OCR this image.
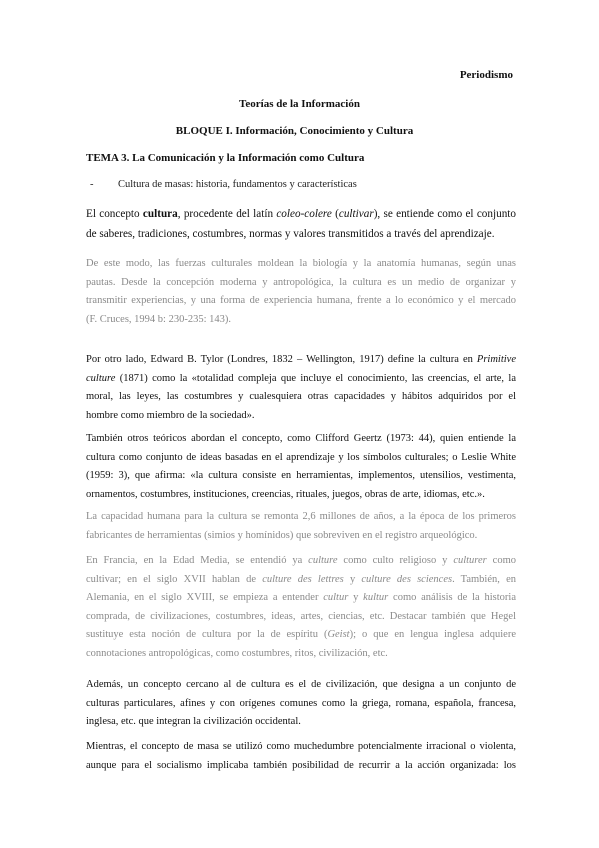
Periodismo
Teorías de la Información
BLOQUE I. Información, Conocimiento y Cultura
TEMA 3. La Comunicación y la Información como Cultura
- Cultura de masas: historia, fundamentos y características
El concepto cultura, procedente del latín coleo-colere (cultivar), se entiende como el conjunto
de saberes, tradiciones, costumbres, normas y valores transmitidos a través del aprendizaje.
De este modo, las fuerzas culturales moldean la biología y la anatomía humanas, según unas
pautas. Desde la concepción moderna y antropológica, la cultura es un medio de organizar y
transmitir experiencias, y una forma de experiencia humana, frente a lo económico y el mercado
(F. Cruces, 1994 b: 230-235: 143).
Por otro lado, Edward B. Tylor (Londres, 1832 – Wellington, 1917) define la cultura en Primitive
culture (1871) como la «totalidad compleja que incluye el conocimiento, las creencias, el arte, la
moral, las leyes, las costumbres y cualesquiera otras capacidades y hábitos adquiridos por el
hombre como miembro de la sociedad».
También otros teóricos abordan el concepto, como Clifford Geertz (1973: 44), quien entiende la
cultura como conjunto de ideas basadas en el aprendizaje y los símbolos culturales; o Leslie White
(1959: 3), que afirma: «la cultura consiste en herramientas, implementos, utensilios, vestimenta,
ornamentos, costumbres, instituciones, creencias, rituales, juegos, obras de arte, idiomas, etc.».
La capacidad humana para la cultura se remonta 2,6 millones de años, a la época de los primeros
fabricantes de herramientas (simios y homínidos) que sobreviven en el registro arqueológico.
En Francia, en la Edad Media, se entendió ya culture como culto religioso y culturer como
cultivar; en el siglo XVII hablan de culture des lettres y culture des sciences. También, en
Alemania, en el siglo XVIII, se empieza a entender cultur y kultur como análisis de la historia
comprada, de civilizaciones, costumbres, ideas, artes, ciencias, etc. Destacar también que Hegel
sustituye esta noción de cultura por la de espíritu (Geist); o que en lengua inglesa adquiere
connotaciones antropológicas, como costumbres, ritos, civilización, etc.
Además, un concepto cercano al de cultura es el de civilización, que designa a un conjunto de
culturas particulares, afines y con orígenes comunes como la griega, romana, española, francesa,
inglesa, etc. que integran la civilización occidental.
Mientras, el concepto de masa se utilizó como muchedumbre potencialmente irracional o violenta,
aunque para el socialismo implicaba también posibilidad de recurrir a la acción organizada: los
